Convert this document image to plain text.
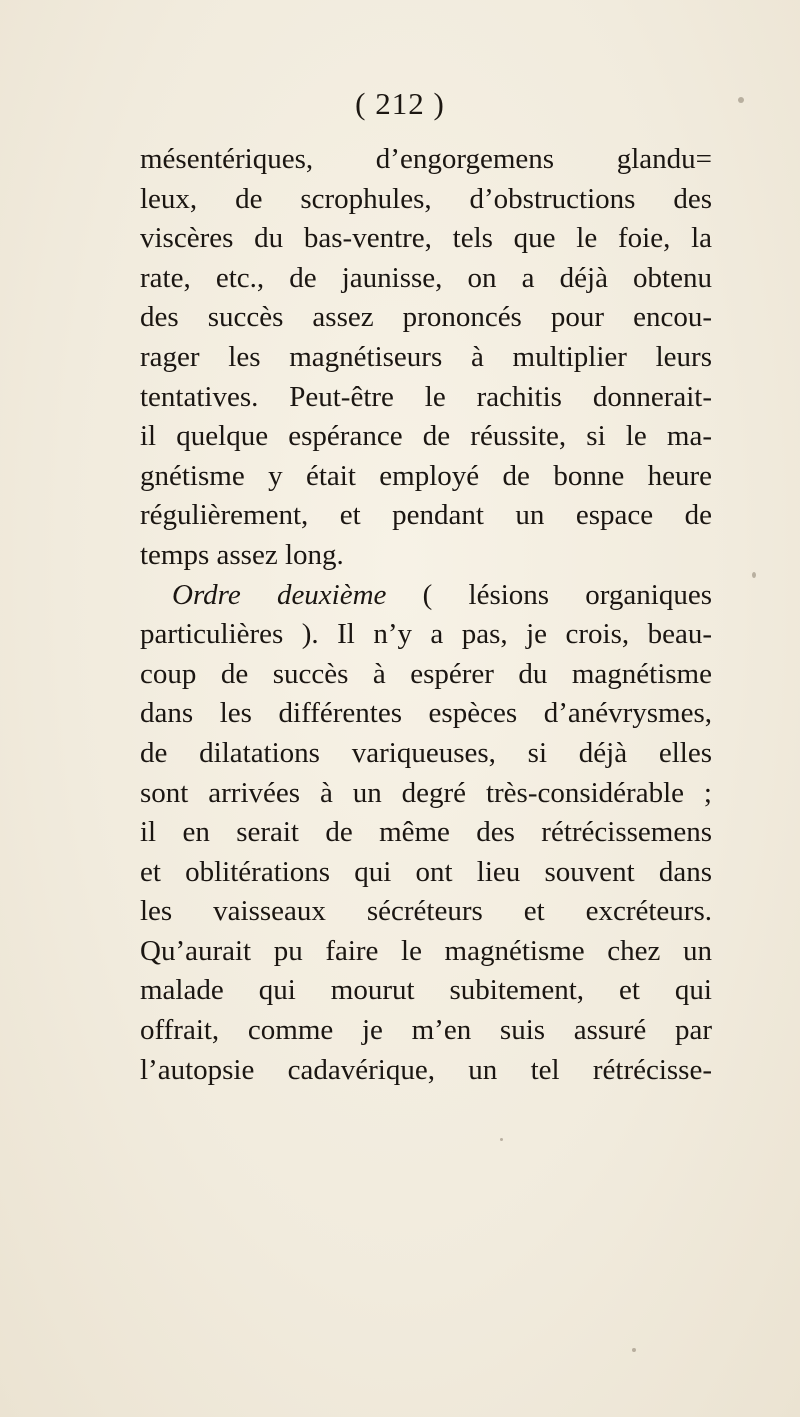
( 212 )
mésentériques, d’engorgemens glandu=
leux, de scrophules, d’obstructions des
viscères du bas-ventre, tels que le foie, la
rate, etc., de jaunisse, on a déjà obtenu
des succès assez prononcés pour encou-
rager les magnétiseurs à multiplier leurs
tentatives. Peut-être le rachitis donnerait-
il quelque espérance de réussite, si le ma-
gnétisme y était employé de bonne heure
régulièrement, et pendant un espace de
temps assez long.
Ordre deuxième ( lésions organiques
particulières ). Il n’y a pas, je crois, beau-
coup de succès à espérer du magnétisme
dans les différentes espèces d’anévrysmes,
de dilatations variqueuses, si déjà elles
sont arrivées à un degré très-considérable ;
il en serait de même des rétrécissemens
et oblitérations qui ont lieu souvent dans
les vaisseaux sécréteurs et excréteurs.
Qu’aurait pu faire le magnétisme chez un
malade qui mourut subitement, et qui
offrait, comme je m’en suis assuré par
l’autopsie cadavérique, un tel rétrécisse-
